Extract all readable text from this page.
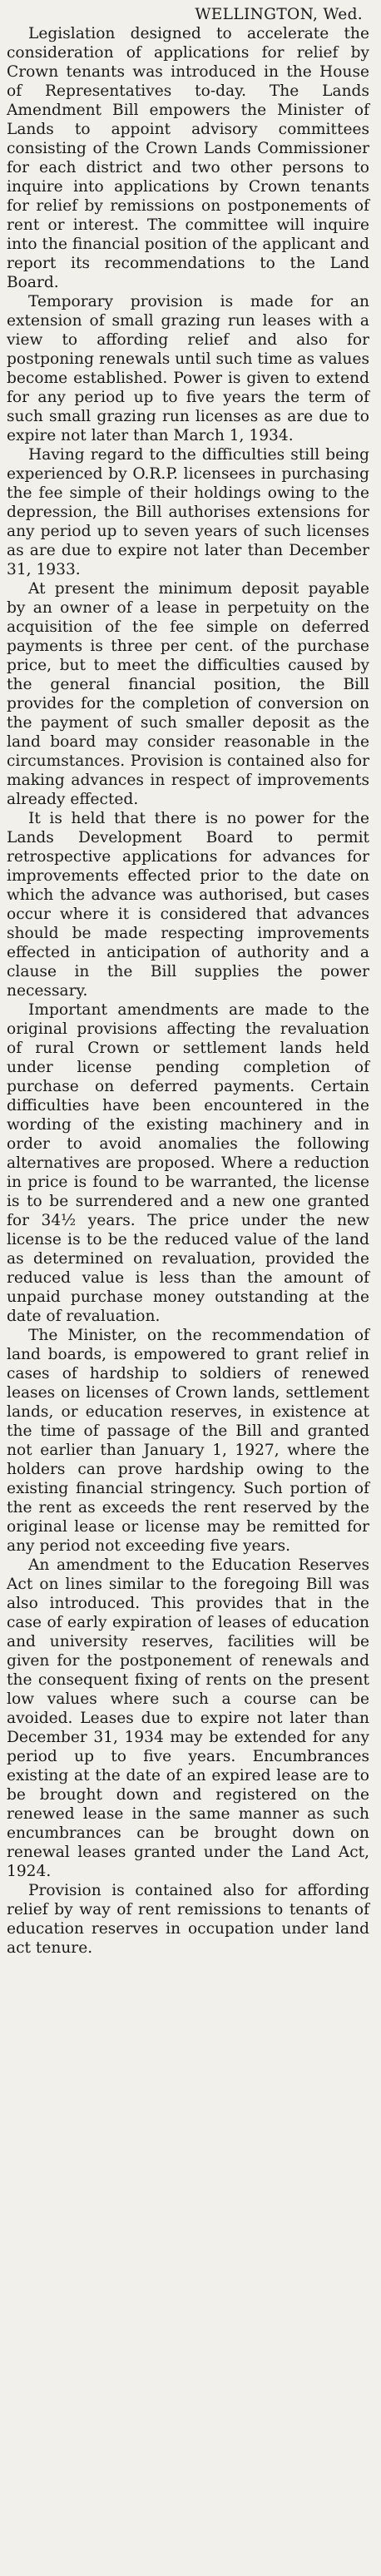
WELLINGTON, Wed.

Legislation designed to accelerate the consideration of applications for relief by Crown tenants was introduced in the House of Representatives to-day. The Lands Amendment Bill empowers the Minister of Lands to appoint advisory committees consisting of the Crown Lands Commissioner for each district and two other persons to inquire into applications by Crown tenants for relief by remissions on postponements of rent or interest. The committee will inquire into the financial position of the applicant and report its recommendations to the Land Board.

Temporary provision is made for an extension of small grazing run leases with a view to affording relief and also for postponing renewals until such time as values become established. Power is given to extend for any period up to five years the term of such small grazing run licenses as are due to expire not later than March 1, 1934.

Having regard to the difficulties still being experienced by O.R.P. licensees in purchasing the fee simple of their holdings owing to the depression, the Bill authorises extensions for any period up to seven years of such licenses as are due to expire not later than December 31, 1933.

At present the minimum deposit payable by an owner of a lease in perpetuity on the acquisition of the fee simple on deferred payments is three per cent. of the purchase price, but to meet the difficulties caused by the general financial position, the Bill provides for the completion of conversion on the payment of such smaller deposit as the land board may consider reasonable in the circumstances. Provision is contained also for making advances in respect of improvements already effected.

It is held that there is no power for the Lands Development Board to permit retrospective applications for advances for improvements effected prior to the date on which the advance was authorised, but cases occur where it is considered that advances should be made respecting improvements effected in anticipation of authority and a clause in the Bill supplies the power necessary.

Important amendments are made to the original provisions affecting the revaluation of rural Crown or settlement lands held under license pending completion of purchase on deferred payments. Certain difficulties have been encountered in the wording of the existing machinery and in order to avoid anomalies the following alternatives are proposed. Where a reduction in price is found to be warranted, the license is to be surrendered and a new one granted for 34½ years. The price under the new license is to be the reduced value of the land as determined on revaluation, provided the reduced value is less than the amount of unpaid purchase money outstanding at the date of revaluation.

The Minister, on the recommendation of land boards, is empowered to grant relief in cases of hardship to soldiers of renewed leases on licenses of Crown lands, settlement lands, or education reserves, in existence at the time of passage of the Bill and granted not earlier than January 1, 1927, where the holders can prove hardship owing to the existing financial stringency. Such portion of the rent as exceeds the rent reserved by the original lease or license may be remitted for any period not exceeding five years.

An amendment to the Education Reserves Act on lines similar to the foregoing Bill was also introduced. This provides that in the case of early expiration of leases of education and university reserves, facilities will be given for the postponement of renewals and the consequent fixing of rents on the present low values where such a course can be avoided. Leases due to expire not later than December 31, 1934 may be extended for any period up to five years. Encumbrances existing at the date of an expired lease are to be brought down and registered on the renewed lease in the same manner as such encumbrances can be brought down on renewal leases granted under the Land Act, 1924.

Provision is contained also for affording relief by way of rent remissions to tenants of education reserves in occupation under land act tenure.
